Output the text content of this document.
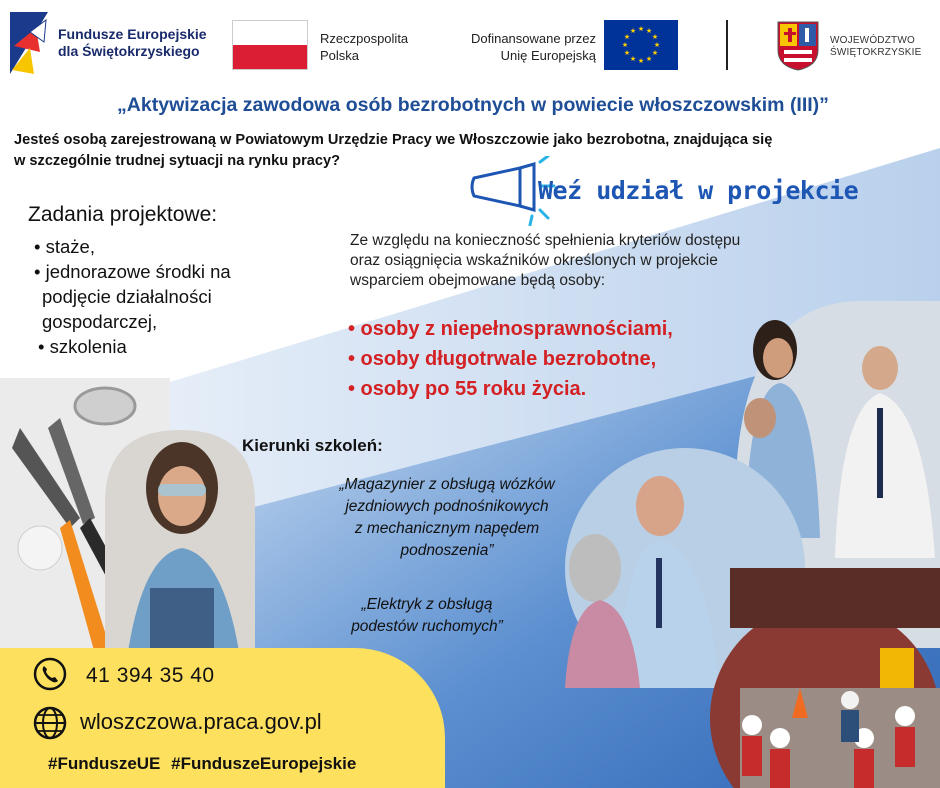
Fundusze Europejskie
dla Świętokrzyskiego
Rzeczpospolita
Polska
Dofinansowane przez
Unię Europejską
★ ★
★
★
★
★
★
★
★
★
★
★
WOJEWÓDZTWO
ŚWIĘTOKRZYSKIE
„Aktywizacja zawodowa osób bezrobotnych w powiecie włoszczowskim (III)”
Jesteś osobą zarejestrowaną w Powiatowym Urzędzie Pracy we Włoszczowie jako bezrobotna, znajdująca się
w szczególnie trudnej sytuacji na rynku pracy?
Weź udział w projekcie
Zadania projektowe:
• staże,
• jednorazowe środki na
podjęcie działalności
gospodarczej,
• szkolenia
Ze względu na konieczność spełnienia kryteriów dostępu
oraz osiągnięcia wskaźników określonych w projekcie
wsparciem obejmowane będą osoby:
• osoby z niepełnosprawnościami,
• osoby długotrwale bezrobotne,
• osoby po 55 roku życia.
Kierunki szkoleń:
„Magazynier z obsługą wózków
jezdniowych podnośnikowych
z mechanicznym napędem
podnoszenia”
„Elektryk z obsługą
podestów ruchomych”
41 394 35 40
wloszczowa.praca.gov.pl
#FunduszeUE #FunduszeEuropejskie
